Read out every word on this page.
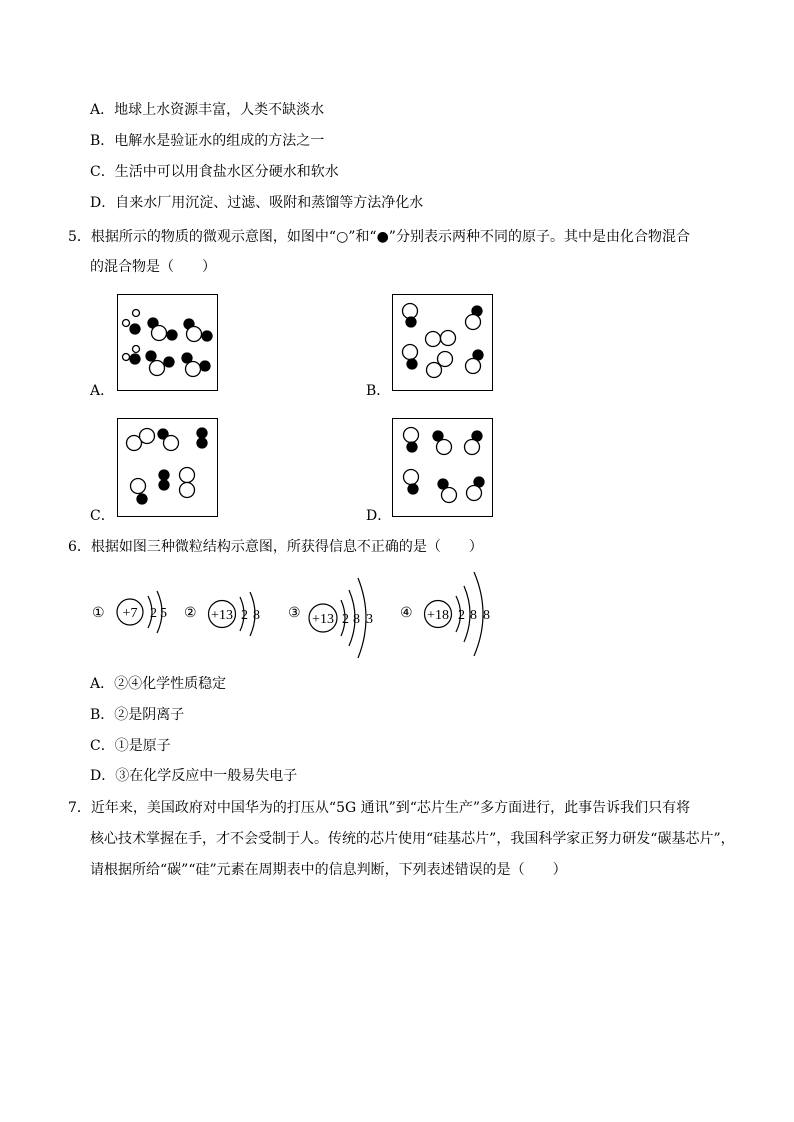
A．地球上水资源丰富，人类不缺淡水
B．电解水是验证水的组成的方法之一
C．生活中可以用食盐水区分硬水和软水
D．自来水厂用沉淀、过滤、吸附和蒸馏等方法净化水
5．根据所示的物质的微观示意图，如图中“○”和“●”分别表示两种不同的原子。其中是由化合物混合
的混合物是（　　）
A．	B．
C．	D．
6．根据如图三种微粒结构示意图，所获得信息不正确的是（　　）
① +7 2 5 ② +13 2 8 ③ +13 2 8 3 ④ +18 2 8 8
A．②④化学性质稳定
B．②是阴离子
C．①是原子
D．③在化学反应中一般易失电子
7．近年来，美国政府对中国华为的打压从“5G 通讯”到“芯片生产”多方面进行，此事告诉我们只有将
核心技术掌握在手，才不会受制于人。传统的芯片使用“硅基芯片”，我国科学家正努力研发“碳基芯片”，
请根据所给“碳”“硅”元素在周期表中的信息判断，下列表述错误的是（　　）
